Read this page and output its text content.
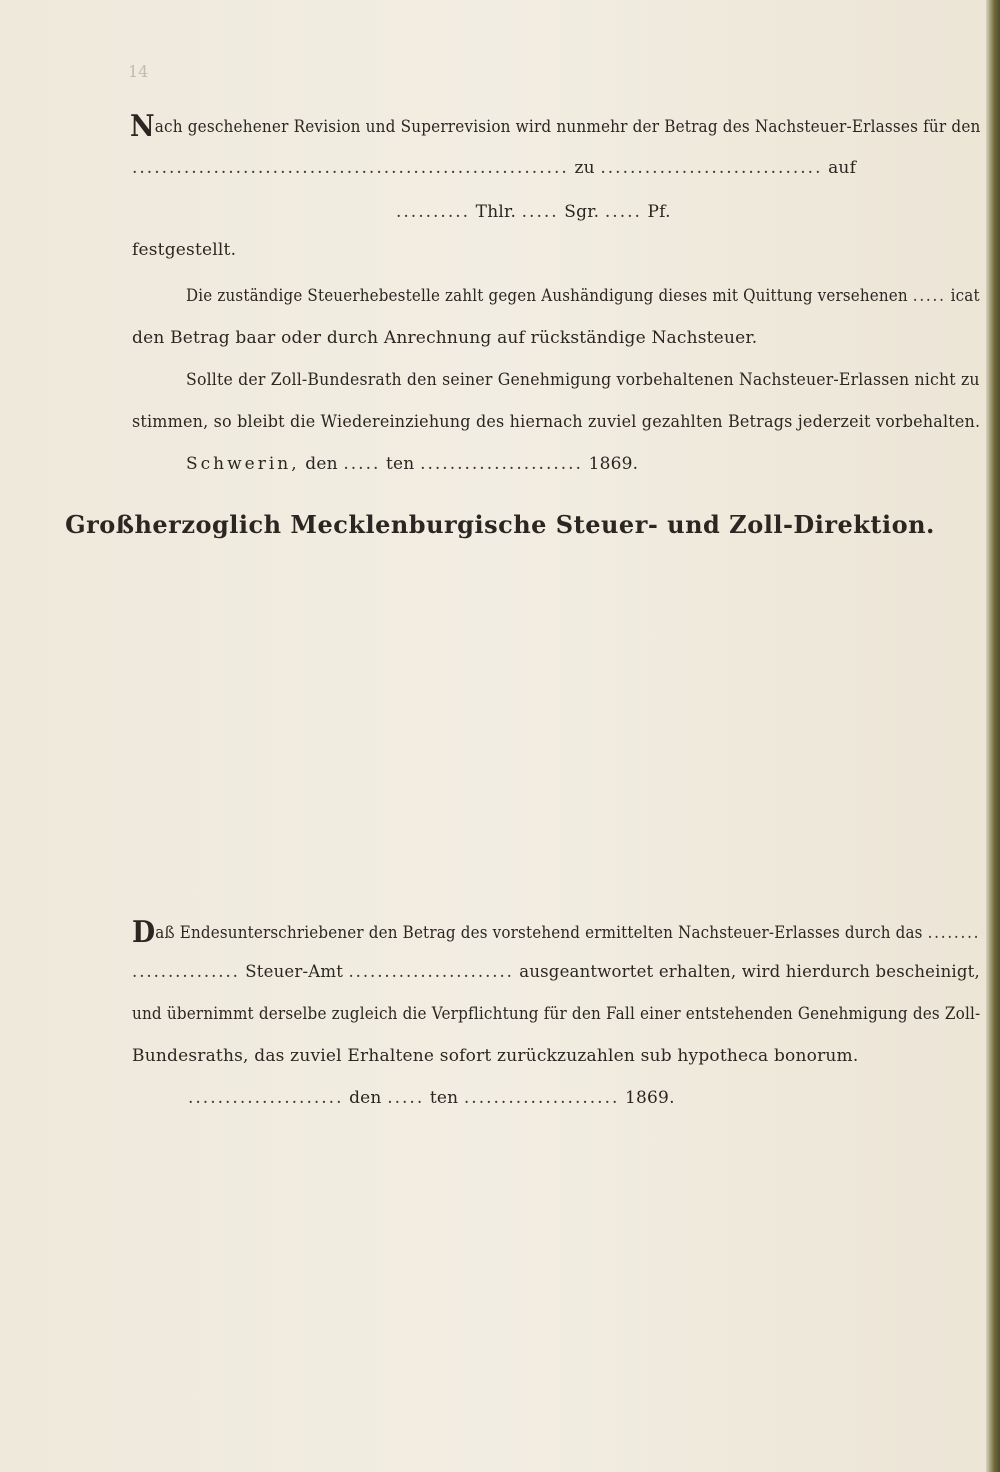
14
Nach geschehener Revision und Superrevision wird nunmehr der Betrag des Nachsteuer-Erlasses für den
........................................................... zu .............................. auf
.......... Thlr. ..... Sgr. ..... Pf.
festgestellt.
Die zuständige Steuerhebestelle zahlt gegen Aushändigung dieses mit Quittung versehenen ..... icat
den Betrag baar oder durch Anrechnung auf rückständige Nachsteuer.
Sollte der Zoll-Bundesrath den seiner Genehmigung vorbehaltenen Nachsteuer-Erlassen nicht zu
stimmen, so bleibt die Wiedereinziehung des hiernach zuviel gezahlten Betrags jederzeit vorbehalten.
Schwerin, den ..... ten ...................... 1869.
Großherzoglich Mecklenburgische Steuer- und Zoll-Direktion.
Daß Endesunterschriebener den Betrag des vorstehend ermittelten Nachsteuer-Erlasses durch das ........
............... Steuer-Amt ....................... ausgeantwortet erhalten, wird hierdurch bescheinigt,
und übernimmt derselbe zugleich die Verpflichtung für den Fall einer entstehenden Genehmigung des Zoll-
Bundesraths, das zuviel Erhaltene sofort zurückzuzahlen sub hypotheca bonorum.
..................... den ..... ten ..................... 1869.
